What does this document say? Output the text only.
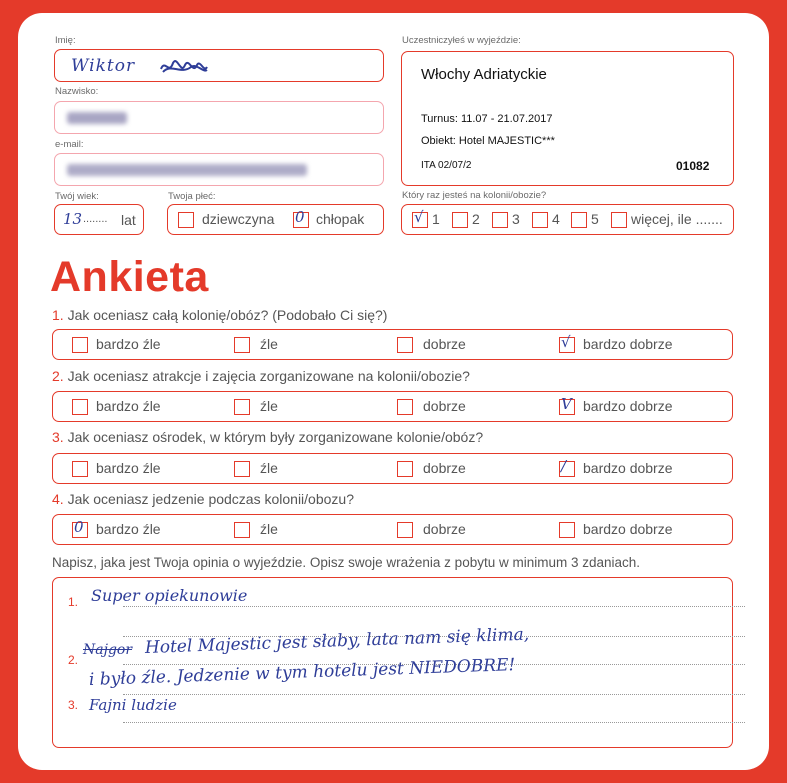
Imię:
Wiktor
Nazwisko:
e-mail:
Twój wiek:
13 ........ lat
Twoja płeć:
dziewczyna 0 chłopak
Uczestniczyłeś w wyjeździe:
Włochy Adriatyckie
Turnus: 11.07 - 21.07.2017
Obiekt: Hotel MAJESTIC***
ITA 02/07/2	01082
Który raz jesteś na kolonii/obozie?
√ 1 2 3 4 5 więcej, ile .......
Ankieta
1. Jak oceniasz całą kolonię/obóz? (Podobało Ci się?)
bardzo źle	źle	dobrze	√ bardzo dobrze
2. Jak oceniasz atrakcje i zajęcia zorganizowane na kolonii/obozie?
bardzo źle	źle	dobrze	V bardzo dobrze
3. Jak oceniasz ośrodek, w którym były zorganizowane kolonie/obóz?
bardzo źle	źle	dobrze	/ bardzo dobrze
4. Jak oceniasz jedzenie podczas kolonii/obozu?
0 bardzo źle	źle	dobrze	bardzo dobrze
Napisz, jaka jest Twoja opinia o wyjeździe. Opisz swoje wrażenia z pobytu w minimum 3 zdaniach.
1.
2.
3.
Super opiekunowie
Najgor Hotel Majestic jest słaby, lata nam się klima,
i było źle. Jedzenie w tym hotelu jest NIEDOBRE!
Fajni ludzie
